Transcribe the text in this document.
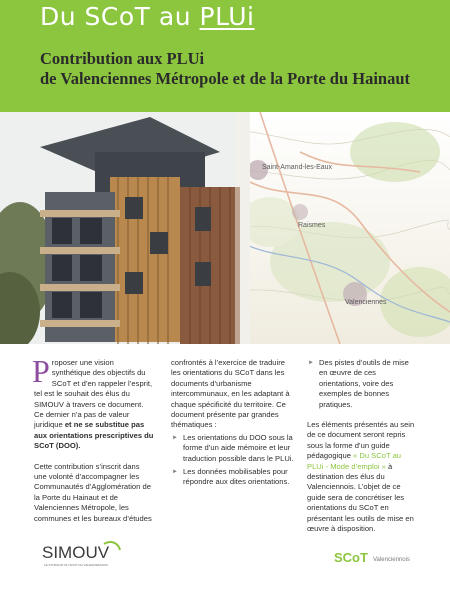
Du SCoT au PLUi
Contribution aux PLUi
de Valenciennes Métropole et de la Porte du Hainaut
Saint-Amand-les-Eaux
Raismes
Valenciennes

Proposer une vision synthétique des objectifs du SCoT et d’en rappeler l’esprit, tel est le souhait des élus du SIMOUV à travers ce document. Ce dernier n’a pas de valeur juridique et ne se substitue pas aux orientations prescriptives du SCoT (DOO).

Cette contribution s’inscrit dans une volonté d’accompagner les Communautés d’Agglomération de la Porte du Hainaut et de Valenciennes Métropole, les communes et les bureaux d’études

confrontés à l’exercice de traduire les orientations du SCoT dans les documents d’urbanisme intercommunaux, en les adaptant à chaque spécificité du territoire. Ce document présente par grandes thématiques :

► Les orientations du DOO sous la forme d’un aide mémoire et leur traduction possible dans le PLUi.
► Les données mobilisables pour répondre aux dites orientations.
► Des pistes d’outils de mise en œuvre de ces orientations, voire des exemples de bonnes pratiques.

Les éléments présentés au sein de ce document seront repris sous la forme d’un guide pédagogique « Du SCoT au PLUi - Mode d’emploi » à destination des élus du Valenciennois. L’objet de ce guide sera de concrétiser les orientations du SCoT en présentant les outils de mise en œuvre à disposition.

SIMOUV
LE SYNDICAT DU SCOT DU VALENCIENNOIS	SCoT Valenciennois
